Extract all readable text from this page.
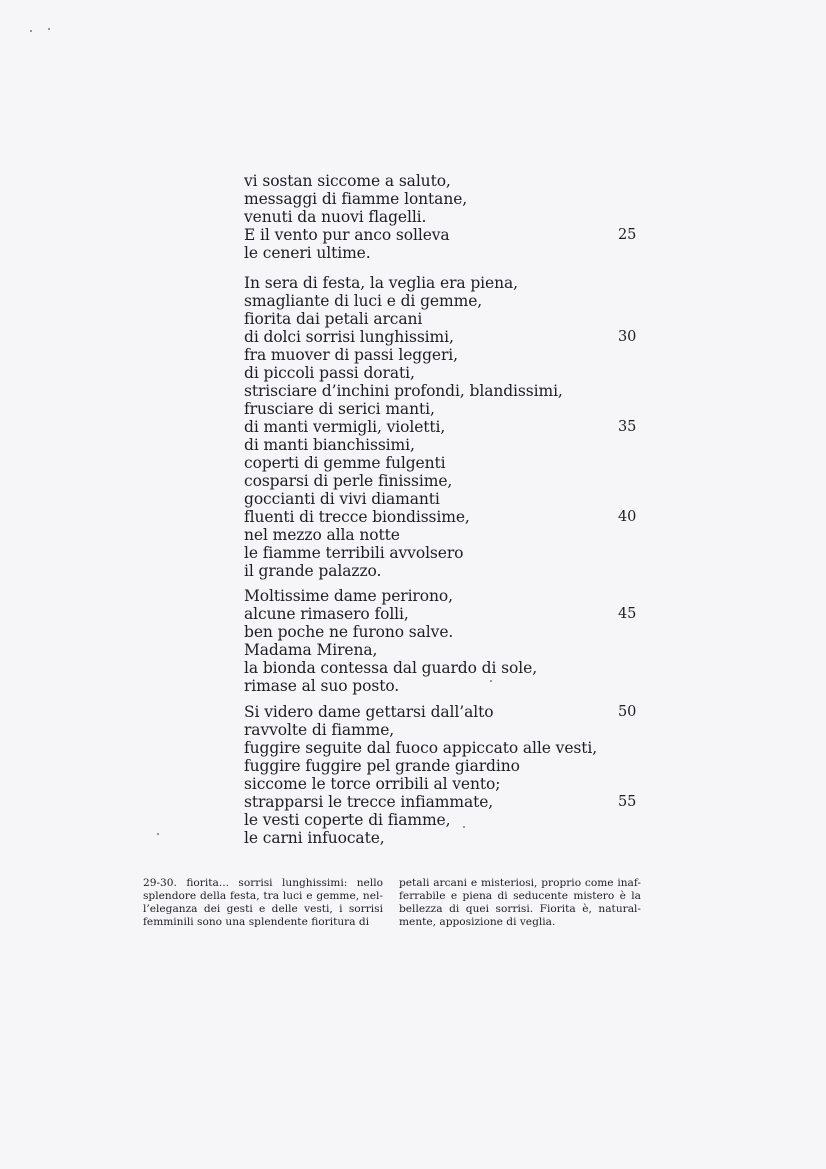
vi sostan siccome a saluto,
messaggi di fiamme lontane,
venuti da nuovi flagelli.
E il vento pur anco solleva	25
le ceneri ultime.
In sera di festa, la veglia era piena,
smagliante di luci e di gemme,
fiorita dai petali arcani
di dolci sorrisi lunghissimi,	30
fra muover di passi leggeri,
di piccoli passi dorati,
strisciare d’inchini profondi, blandissimi,
frusciare di serici manti,
di manti vermigli, violetti,	35
di manti bianchissimi,
coperti di gemme fulgenti
cosparsi di perle finissime,
goccianti di vivi diamanti
fluenti di trecce biondissime,	40
nel mezzo alla notte
le fiamme terribili avvolsero
il grande palazzo.
Moltissime dame perirono,
alcune rimasero folli,	45
ben poche ne furono salve.
Madama Mirena,
la bionda contessa dal guardo di sole,
rimase al suo posto.
Si videro dame gettarsi dall’alto	50
ravvolte di fiamme,
fuggire seguite dal fuoco appiccato alle vesti,
fuggire fuggire pel grande giardino
siccome le torce orribili al vento;
strapparsi le trecce infiammate,	55
le vesti coperte di fiamme,
le carni infuocate,
29-30. fiorita... sorrisi lunghissimi: nello
splendore della festa, tra luci e gemme, nel-
l’eleganza dei gesti e delle vesti, i sorrisi
femminili sono una splendente fioritura di
petali arcani e misteriosi, proprio come inaf-
ferrabile e piena di seducente mistero è la
bellezza di quei sorrisi. Fiorita è, natural-
mente, apposizione di veglia.
